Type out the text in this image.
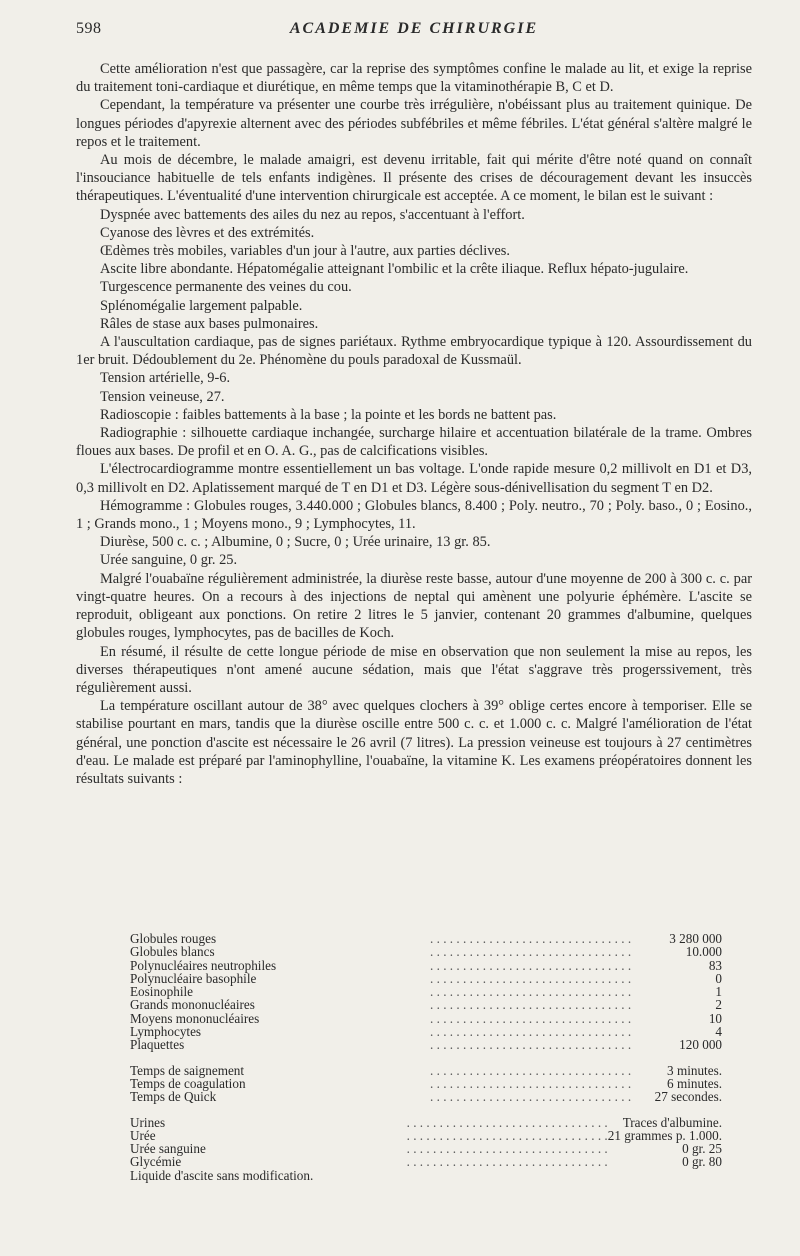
598	ACADEMIE DE CHIRURGIE

Cette amélioration n'est que passagère, car la reprise des symptômes confine le malade au lit, et exige la reprise du traitement toni-cardiaque et diurétique, en même temps que la vitaminothérapie B, C et D.

Cependant, la température va présenter une courbe très irrégulière, n'obéissant plus au traitement quinique. De longues périodes d'apyrexie alternent avec des périodes subfébriles et même fébriles. L'état général s'altère malgré le repos et le traitement.

Au mois de décembre, le malade amaigri, est devenu irritable, fait qui mérite d'être noté quand on connaît l'insouciance habituelle de tels enfants indigènes. Il présente des crises de découragement devant les insuccès thérapeutiques. L'éventualité d'une intervention chirurgicale est acceptée. A ce moment, le bilan est le suivant :

Dyspnée avec battements des ailes du nez au repos, s'accentuant à l'effort.

Cyanose des lèvres et des extrémités.

Œdèmes très mobiles, variables d'un jour à l'autre, aux parties déclives.

Ascite libre abondante. Hépatomégalie atteignant l'ombilic et la crête iliaque. Reflux hépato-jugulaire.

Turgescence permanente des veines du cou.

Splénomégalie largement palpable.

Râles de stase aux bases pulmonaires.

A l'auscultation cardiaque, pas de signes pariétaux. Rythme embryocardique typique à 120. Assourdissement du 1er bruit. Dédoublement du 2e. Phénomène du pouls paradoxal de Kussmaül.

Tension artérielle, 9-6.

Tension veineuse, 27.

Radioscopie : faibles battements à la base ; la pointe et les bords ne battent pas.

Radiographie : silhouette cardiaque inchangée, surcharge hilaire et accentuation bilatérale de la trame. Ombres floues aux bases. De profil et en O. A. G., pas de calcifications visibles.

L'électrocardiogramme montre essentiellement un bas voltage. L'onde rapide mesure 0,2 millivolt en D1 et D3, 0,3 millivolt en D2. Aplatissement marqué de T en D1 et D3. Légère sous-dénivellisation du segment T en D2.

Hémogramme : Globules rouges, 3.440.000 ; Globules blancs, 8.400 ; Poly. neutro., 70 ; Poly. baso., 0 ; Eosino., 1 ; Grands mono., 1 ; Moyens mono., 9 ; Lymphocytes, 11.

Diurèse, 500 c. c. ; Albumine, 0 ; Sucre, 0 ; Urée urinaire, 13 gr. 85.

Urée sanguine, 0 gr. 25.

Malgré l'ouabaïne régulièrement administrée, la diurèse reste basse, autour d'une moyenne de 200 à 300 c. c. par vingt-quatre heures. On a recours à des injections de neptal qui amènent une polyurie éphémère. L'ascite se reproduit, obligeant aux ponctions. On retire 2 litres le 5 janvier, contenant 20 grammes d'albumine, quelques globules rouges, lymphocytes, pas de bacilles de Koch.

En résumé, il résulte de cette longue période de mise en observation que non seulement la mise au repos, les diverses thérapeutiques n'ont amené aucune sédation, mais que l'état s'aggrave très progerssivement, très régulièrement aussi.

La température oscillant autour de 38° avec quelques clochers à 39° oblige certes encore à temporiser. Elle se stabilise pourtant en mars, tandis que la diurèse oscille entre 500 c. c. et 1.000 c. c. Malgré l'amélioration de l'état général, une ponction d'ascite est nécessaire le 26 avril (7 litres). La pression veineuse est toujours à 27 centimètres d'eau. Le malade est préparé par l'aminophylline, l'ouabaïne, la vitamine K. Les examens préopératoires donnent les résultats suivants :

Globules rouges	. . . . . . . . . . . . . . . . . . . . . . . . . . . . . . .	3 280 000
Globules blancs	. . . . . . . . . . . . . . . . . . . . . . . . . . . . . . .	10.000
Polynucléaires neutrophiles	. . . . . . . . . . . . . . . . . . . . . . . . . . . . . . .	83
Polynucléaire basophile	. . . . . . . . . . . . . . . . . . . . . . . . . . . . . . .	0
Eosinophile	. . . . . . . . . . . . . . . . . . . . . . . . . . . . . . .	1
Grands mononucléaires	. . . . . . . . . . . . . . . . . . . . . . . . . . . . . . .	2
Moyens mononucléaires	. . . . . . . . . . . . . . . . . . . . . . . . . . . . . . .	10
Lymphocytes	. . . . . . . . . . . . . . . . . . . . . . . . . . . . . . .	4
Plaquettes	. . . . . . . . . . . . . . . . . . . . . . . . . . . . . . .	120 000
Temps de saignement	. . . . . . . . . . . . . . . . . . . . . . . . . . . . . . .	3 minutes.
Temps de coagulation	. . . . . . . . . . . . . . . . . . . . . . . . . . . . . . .	6 minutes.
Temps de Quick	. . . . . . . . . . . . . . . . . . . . . . . . . . . . . . .	27 secondes.
Urines	. . . . . . . . . . . . . . . . . . . . . . . . . . . . . . .	Traces d'albumine.
Urée	. . . . . . . . . . . . . . . . . . . . . . . . . . . . . . .	21 grammes p. 1.000.
Urée sanguine	. . . . . . . . . . . . . . . . . . . . . . . . . . . . . . .	0 gr. 25
Glycémie	. . . . . . . . . . . . . . . . . . . . . . . . . . . . . . .	0 gr. 80

Liquide d'ascite sans modification.
